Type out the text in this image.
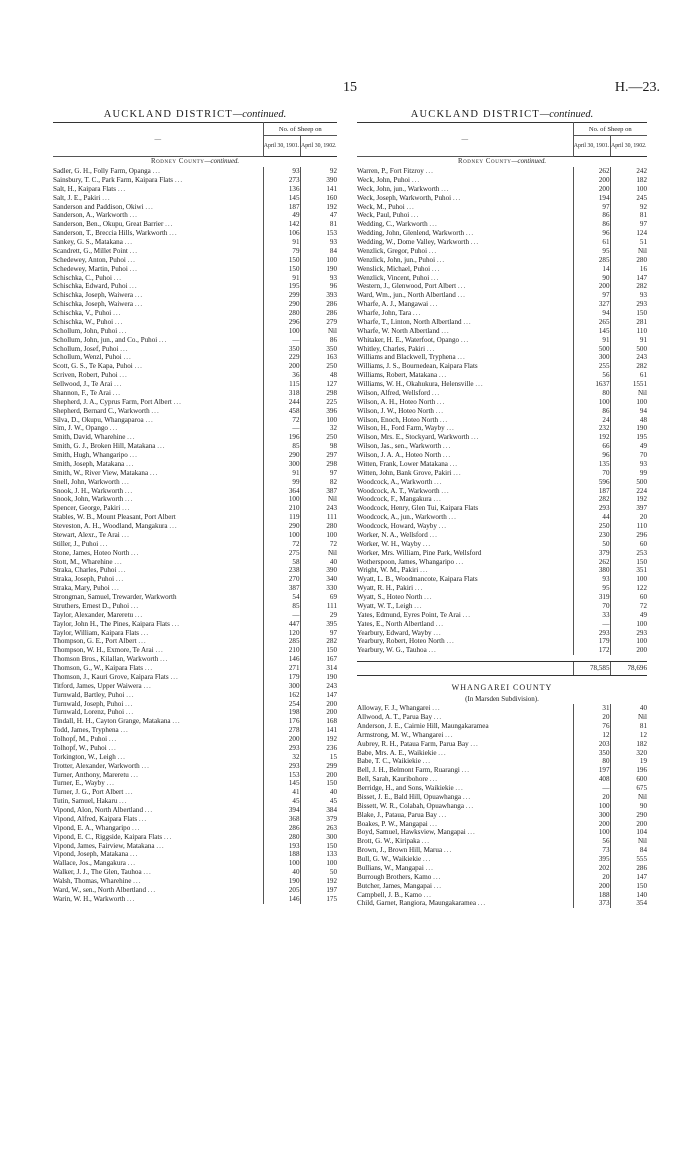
15	H.—23.
AUCKLAND DISTRICT—continued.
—	No. of Sheep on	
	April 30, 1901.	April 30, 1902.
Rodney County—continued.		
Sadler, G. H., Folly Farm, Opanga ...	93	92
Sainsbury, T. C., Park Farm, Kaipara Flats ...	273	390
Salt, H., Kaipara Flats ...	136	141
Salt, J. E., Pakiri ...	145	160
Sanderson and Paddison, Okiwi ...	187	192
Sanderson, A., Warkworth ...	49	47
Sanderson, Ben., Okupu, Great Barrier ...	142	81
Sanderson, T., Breccia Hills, Warkworth ...	106	153
Sankey, G. S., Matakana ...	91	93
Scandrett, G., Millet Point ...	79	84
Schedewey, Anton, Puhoi ...	150	100
Schedewey, Martin, Puhoi ...	150	190
Schischka, C., Puhoi ...	91	93
Schischka, Edward, Puhoi ...	195	96
Schischka, Joseph, Waiwera ...	299	393
Schischka, Joseph, Waiwera ...	290	286
Schischka, V., Puhoi ...	280	286
Schischka, W., Puhoi ...	296	279
Schollum, John, Puhoi ...	100	Nil
Schollum, John, jun., and Co., Puhoi ...	—	86
Schollum, Josef, Puhoi ...	350	350
Schollum, Wenzl, Puhoi ...	229	163
Scott, G. S., Te Kapa, Puhoi ...	200	250
Scriven, Robert, Puhoi ...	36	48
Sellwood, J., Te Arai ...	115	127
Shannon, F., Te Arai ...	318	298
Shepherd, J. A., Cyprus Farm, Port Albert ...	244	225
Shepherd, Bernard C., Warkworth ...	458	396
Silva, D., Okupu, Whangaparoa ...	72	100
Sim, J. W., Opango ...	—	32
Smith, David, Wharehine ...	196	250
Smith, G. J., Broken Hill, Matakana ...	85	98
Smith, Hugh, Whangaripo ...	290	297
Smith, Joseph, Matakana ...	300	298
Smith, W., River View, Matakana ...	91	97
Snell, John, Warkworth ...	99	82
Snook, J. H., Warkworth ...	364	387
Snook, John, Warkworth ...	100	Nil
Spencer, George, Pakiri ...	210	243
Stables, W. B., Mount Pleasant, Port Albert	119	111
Steveston, A. H., Woodland, Mangakura ...	290	280
Stewart, Alexr., Te Arai ...	100	100
Stiller, J., Puhoi ...	72	72
Stone, James, Hoteo North ...	275	Nil
Stott, M., Wharehine ...	58	40
Straka, Charles, Puhoi ...	238	390
Straka, Joseph, Puhoi ...	270	340
Straka, Mary, Puhoi ...	387	330
Strongman, Samuel, Trewarder, Warkworth	54	69
Struthers, Ernest D., Puhoi ...	85	111
Taylor, Alexander, Mareretu ...	—	29
Taylor, John H., The Pines, Kaipara Flats ...	447	395
Taylor, William, Kaipara Flats ...	120	97
Thompson, G. E., Port Albert ...	285	282
Thompson, W. H., Exmore, Te Arai ...	210	150
Thomson Bros., Kilallan, Warkworth ...	146	167
Thomson, G., W., Kaipara Flats ...	271	314
Thomson, J., Kauri Grove, Kaipara Flats ...	179	190
Titford, James, Upper Waiwera ...	300	243
Turnwald, Bartley, Puhoi ...	162	147
Turnwald, Joseph, Puhoi ...	254	200
Turnwald, Lorenz, Puhoi ...	198	200
Tindall, H. H., Cayton Grange, Matakana ...	176	168
Todd, James, Tryphena ...	278	141
Tolhopf, M., Puhoi ...	200	192
Tolhopf, W., Puhoi ...	293	236
Torkington, W., Leigh ...	32	15
Trotter, Alexander, Warkworth ...	293	299
Turner, Anthony, Mareretu ...	153	200
Turner, E., Wayby ...	145	150
Turner, J. G., Port Albert ...	41	40
Tutin, Samuel, Hakaru ...	45	45
Vipond, Alon, North Albertland ...	394	384
Vipond, Alfred, Kaipara Flats ...	368	379
Vipond, E. A., Whangaripo ...	286	263
Vipond, E. C., Riggside, Kaipara Flats ...	280	300
Vipond, James, Fairview, Matakana ...	193	150
Vipond, Joseph, Matakana ...	188	133
Wallace, Jos., Mangakura ...	100	100
Walker, J. J., The Glen, Tauhoa ...	40	50
Walsh, Thomas, Wharehine ...	190	192
Ward, W., sen., North Albertland ...	205	197
Warin, W. H., Warkworth ...	146	175
AUCKLAND DISTRICT—continued.
—	No. of Sheep on	
	April 30, 1901.	April 30, 1902.
Rodney County—continued.		
Warren, P., Fort Fitzroy ...	262	242
Weck, John, Puhoi ...	200	182
Weck, John, jun., Warkworth ...	200	100
Weck, Joseph, Warkworth, Puhoi ...	194	245
Weck, M., Puhoi ...	97	92
Weck, Paul, Puhoi ...	86	81
Wedding, C., Warkworth ...	86	97
Wedding, John, Glenlend, Warkworth ...	96	124
Wedding, W., Dome Valley, Warkworth ...	61	51
Wenzlick, Gregor, Puhoi ...	95	Nil
Wenzlick, John, jun., Puhoi ...	285	280
Wenslick, Michael, Puhoi ...	14	16
Wenzlick, Vincent, Puhoi ...	90	147
Western, J., Glenwood, Port Albert ...	200	282
Ward, Wm., jun., North Albertland ...	97	93
Wharfe, A. J., Mangawai ...	327	293
Wharfe, John, Tara ...	94	150
Wharfe, T., Linton, North Albertland ...	265	281
Wharfe, W. North Albertland ...	145	110
Whitaker, H. E., Waterfoot, Opango ...	91	91
Whitley, Charles, Pakiri ...	500	500
Williams and Blackwell, Tryphena ...	300	243
Williams, J. S., Bournedean, Kaipara Flats	255	282
Williams, Robert, Matakana ...	56	61
Williams, W. H., Okahukura, Helensville ...	1637	1551
Wilson, Alfred, Wellsford ...	80	Nil
Wilson, A. H., Hoteo North ...	100	100
Wilson, J. W., Hoteo North ...	86	94
Wilson, Enoch, Hoteo North ...	24	48
Wilson, H., Ford Farm, Wayby ...	232	190
Wilson, Mrs. E., Stockyard, Warkworth ...	192	195
Wilson, Jas., sen., Warkworth ...	66	49
Wilson, J. A. A., Hoteo North ...	96	70
Witten, Frank, Lower Matakana ...	135	93
Witten, John, Bank Grove, Pakiri ...	70	99
Woodcock, A., Warkworth ...	596	500
Woodcock, A. T., Warkworth ...	187	224
Woodcock, F., Mangakura ...	282	192
Woodcock, Henry, Glen Tui, Kaipara Flats	293	397
Woodcock, A., jun., Warkworth ...	44	20
Woodcock, Howard, Wayby ...	250	110
Worker, N. A., Wellsford ...	230	296
Worker, W. H., Wayby ...	50	60
Worker, Mrs. William, Pine Park, Wellsford	379	253
Wotherspoon, James, Whangaripo ...	262	150
Wright, W. M., Pakiri ...	380	351
Wyatt, L. B., Woodmancote, Kaipara Flats	93	100
Wyatt, R. H., Pakiri ...	95	122
Wyatt, S., Hoteo North ...	319	60
Wyatt, W. T., Leigh ...	70	72
Yates, Edmund, Eyres Point, Te Arai ...	33	49
Yates, E., North Albertland ...	—	100
Yearbury, Edward, Wayby ...	293	293
Yearbury, Robert, Hoteo North ...	179	100
Yearbury, W. G., Tauhoa ...	172	200

	78,585	78,696

WHANGAREI COUNTY		
(In Marsden Subdivision).		
Alloway, F. J., Whangarei ...	31	40
Allwood, A. T., Parua Bay ...	20	Nil
Anderson, J. E., Cairnie Hill, Maungakaramea	76	81
Armstrong, M. W., Whangarei ...	12	12
Aubrey, R. H., Pataua Farm, Parua Bay ...	203	182
Babe, Mrs. A. E., Waikiekie ...	350	320
Babe, T. C., Waikiekie ...	80	19
Bell, J. H., Belmont Farm, Ruarangi ...	197	196
Bell, Sarah, Kauribohore ...	408	600
Berridge, H., and Sons, Waikiekie ...	—	675
Bisset, J. E., Bald Hill, Opuawhanga ...	20	Nil
Bissett, W. R., Colabah, Opuawhanga ...	100	90
Blake, J., Pataua, Parua Bay ...	300	290
Boakes, P. W., Mangapai ...	200	200
Boyd, Samuel, Hawksview, Mangapai ...	100	104
Brott, G. W., Kiripaka ...	56	Nil
Brown, J., Brown Hill, Marua ...	73	84
Bull, G. W., Waikiekie ...	395	555
Bullians, W., Mangapai ...	202	286
Burrough Brothers, Kamo ...	20	147
Butcher, James, Mangapai ...	200	150
Campbell, J. B., Kamo ...	188	140
Child, Garnet, Rangiora, Maungakaramea ...	373	354
